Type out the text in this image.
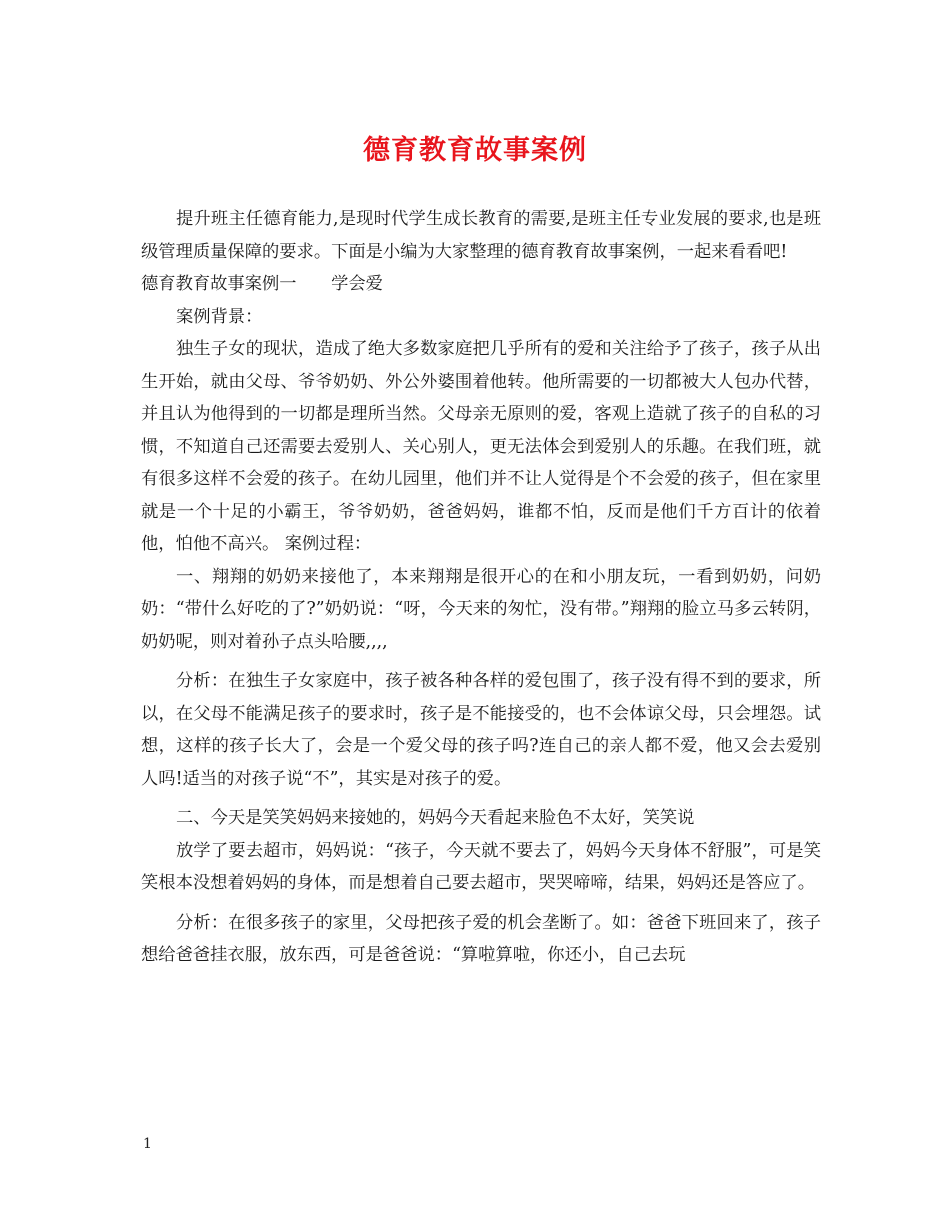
德育教育故事案例

提升班主任德育能力,是现时代学生成长教育的需要,是班主任专业发展的要求,也是班级管理质量保障的要求。下面是小编为大家整理的德育教育故事案例，一起来看看吧!

德育教育故事案例一　　学会爱

案例背景：

独生子女的现状，造成了绝大多数家庭把几乎所有的爱和关注给予了孩子，孩子从出生开始，就由父母、爷爷奶奶、外公外婆围着他转。他所需要的一切都被大人包办代替，并且认为他得到的一切都是理所当然。父母亲无原则的爱，客观上造就了孩子的自私的习惯，不知道自己还需要去爱别人、关心别人，更无法体会到爱别人的乐趣。在我们班，就有很多这样不会爱的孩子。在幼儿园里，他们并不让人觉得是个不会爱的孩子，但在家里就是一个十足的小霸王，爷爷奶奶，爸爸妈妈，谁都不怕，反而是他们千方百计的依着他，怕他不高兴。 案例过程：

一、翔翔的奶奶来接他了，本来翔翔是很开心的在和小朋友玩，一看到奶奶，问奶奶：“带什么好吃的了?”奶奶说：“呀，今天来的匆忙，没有带。”翔翔的脸立马多云转阴，奶奶呢，则对着孙子点头哈腰,,,,

分析：在独生子女家庭中，孩子被各种各样的爱包围了，孩子没有得不到的要求，所以，在父母不能满足孩子的要求时，孩子是不能接受的，也不会体谅父母，只会埋怨。试想，这样的孩子长大了，会是一个爱父母的孩子吗?连自己的亲人都不爱，他又会去爱别人吗!适当的对孩子说“不”，其实是对孩子的爱。

二、今天是笑笑妈妈来接她的，妈妈今天看起来脸色不太好，笑笑说

放学了要去超市，妈妈说：“孩子，今天就不要去了，妈妈今天身体不舒服”，可是笑笑根本没想着妈妈的身体，而是想着自己要去超市，哭哭啼啼，结果，妈妈还是答应了。

分析：在很多孩子的家里，父母把孩子爱的机会垄断了。如：爸爸下班回来了，孩子想给爸爸挂衣服，放东西，可是爸爸说：“算啦算啦，你还小，自己去玩

1
